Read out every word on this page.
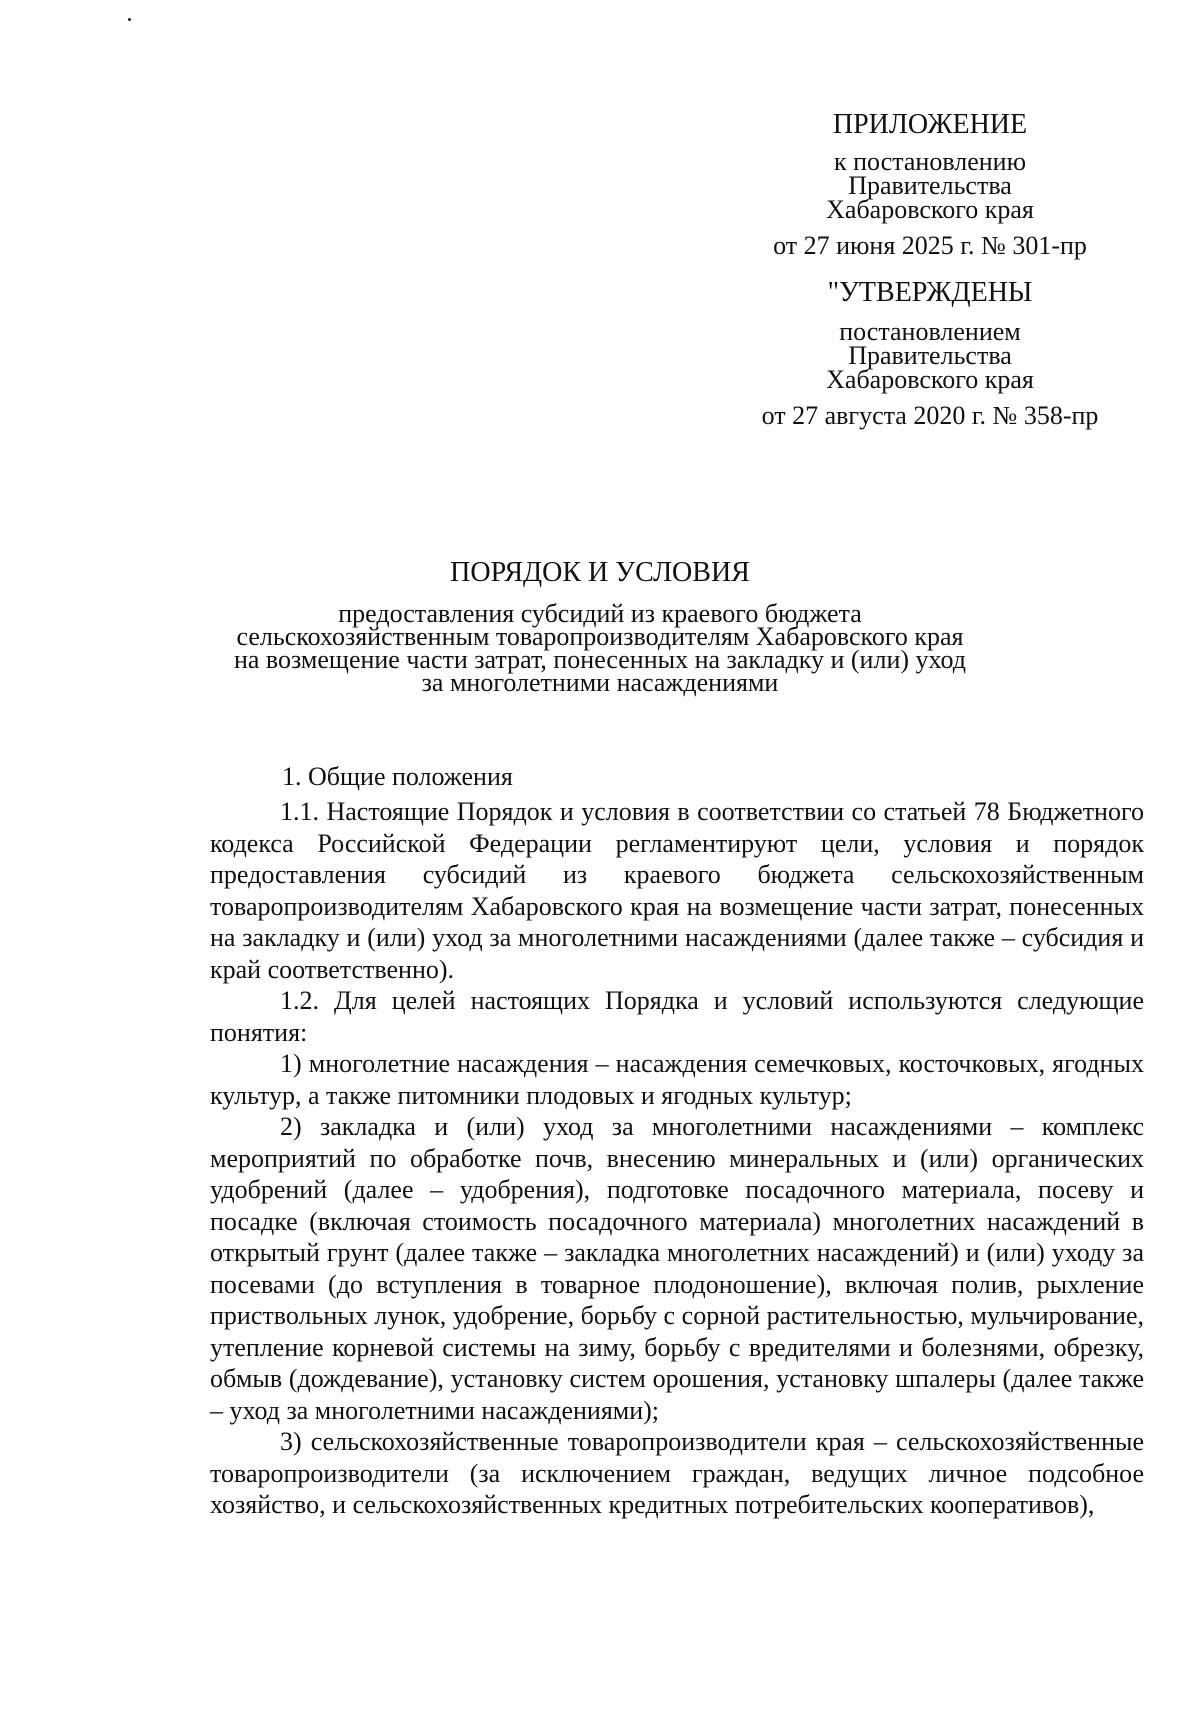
ПРИЛОЖЕНИЕ
к постановлению
Правительства
Хабаровского края
от 27 июня 2025 г. № 301-пр
"УТВЕРЖДЕНЫ
постановлением
Правительства
Хабаровского края
от 27 августа 2020 г. № 358-пр
ПОРЯДОК И УСЛОВИЯ
предоставления субсидий из краевого бюджета
сельскохозяйственным товаропроизводителям Хабаровского края
на возмещение части затрат, понесенных на закладку и (или) уход
за многолетними насаждениями
1. Общие положения

1.1. Настоящие Порядок и условия в соответствии со статьей 78 Бюджетного кодекса Российской Федерации регламентируют цели, условия и порядок предоставления субсидий из краевого бюджета сельскохозяйственным товаропроизводителям Хабаровского края на возмещение части затрат, понесенных на закладку и (или) уход за многолетними насаждениями (далее также – субсидия и край соответственно).

1.2. Для целей настоящих Порядка и условий используются следующие понятия:

1) многолетние насаждения – насаждения семечковых, косточковых, ягодных культур, а также питомники плодовых и ягодных культур;

2) закладка и (или) уход за многолетними насаждениями – комплекс мероприятий по обработке почв, внесению минеральных и (или) органических удобрений (далее – удобрения), подготовке посадочного материала, посеву и посадке (включая стоимость посадочного материала) многолетних насаждений в открытый грунт (далее также – закладка многолетних насаждений) и (или) уходу за посевами (до вступления в товарное плодоношение), включая полив, рыхление приствольных лунок, удобрение, борьбу с сорной растительностью, мульчирование, утепление корневой системы на зиму, борьбу с вредителями и болезнями, обрезку, обмыв (дождевание), установку систем орошения, установку шпалеры (далее также – уход за многолетними насаждениями);

3) сельскохозяйственные товаропроизводители края – сельскохозяйственные товаропроизводители (за исключением граждан, ведущих личное подсобное хозяйство, и сельскохозяйственных кредитных потребительских кооперативов),
